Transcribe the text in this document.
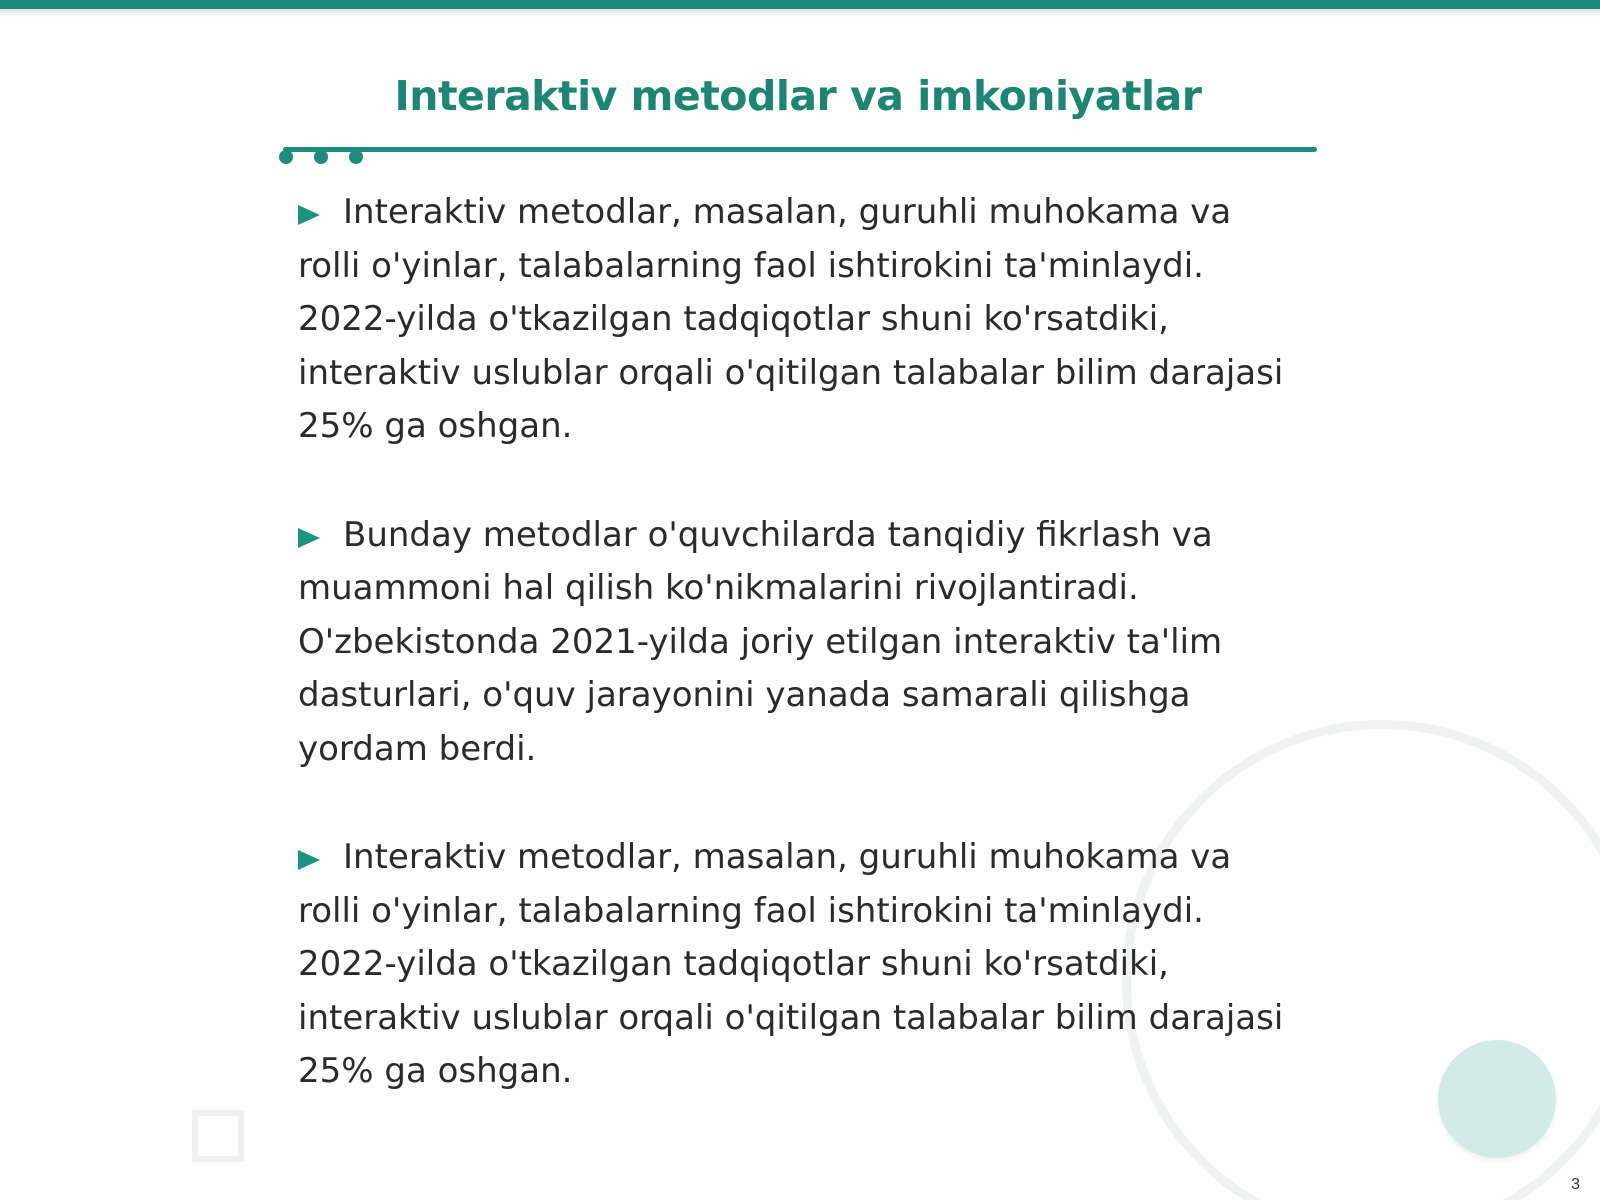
Interaktiv metodlar va imkoniyatlar
Interaktiv metodlar, masalan, guruhli muhokama va rolli o'yinlar, talabalarning faol ishtirokini ta'minlaydi. 2022-yilda o'tkazilgan tadqiqotlar shuni ko'rsatdiki, interaktiv uslublar orqali o'qitilgan talabalar bilim darajasi 25% ga oshgan.
Bunday metodlar o'quvchilarda tanqidiy fikrlash va muammoni hal qilish ko'nikmalarini rivojlantiradi. O'zbekistonda 2021-yilda joriy etilgan interaktiv ta'lim dasturlari, o'quv jarayonini yanada samarali qilishga yordam berdi.
Interaktiv metodlar, masalan, guruhli muhokama va rolli o'yinlar, talabalarning faol ishtirokini ta'minlaydi. 2022-yilda o'tkazilgan tadqiqotlar shuni ko'rsatdiki, interaktiv uslublar orqali o'qitilgan talabalar bilim darajasi 25% ga oshgan.
3
